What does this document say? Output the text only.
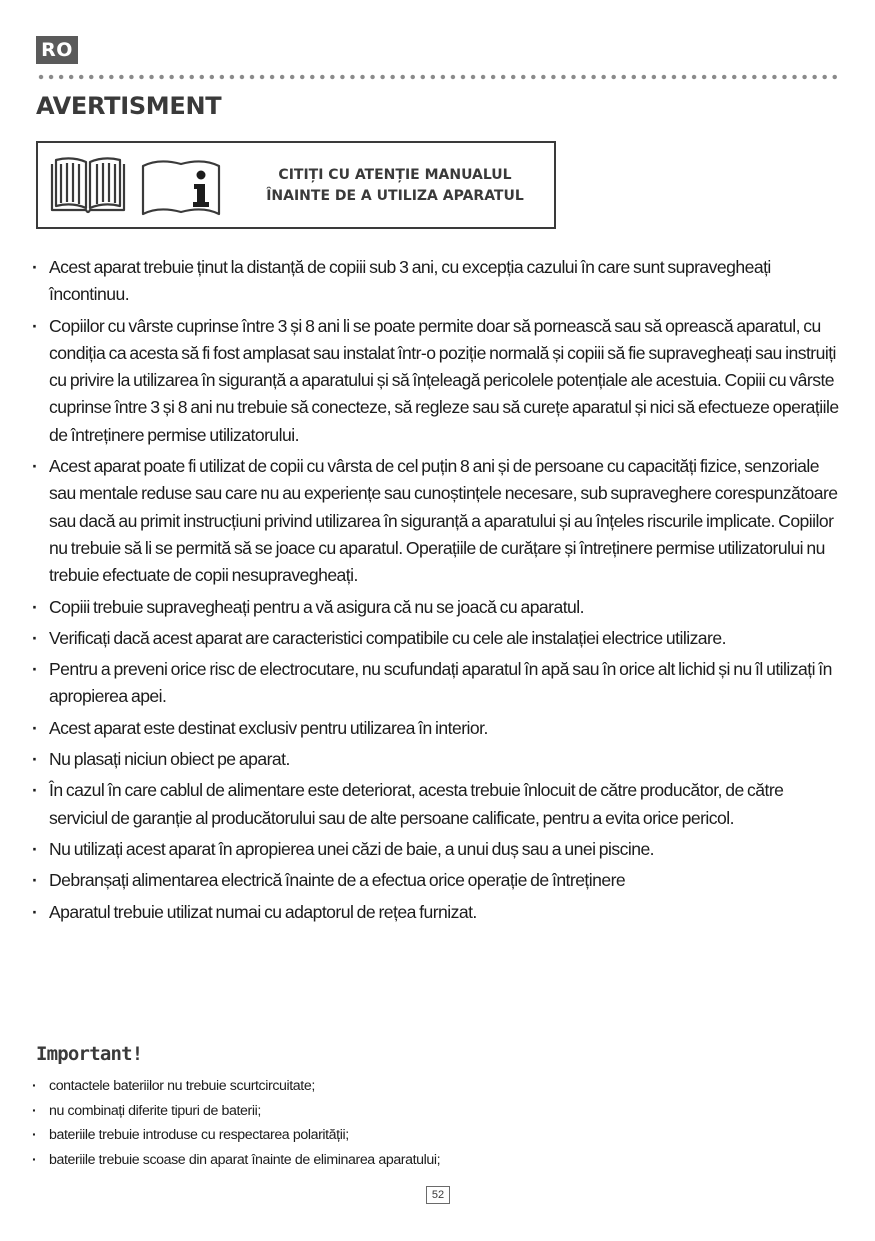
RO
AVERTISMENT
CITIȚI CU ATENȚIE MANUALUL
ÎNAINTE DE A UTILIZA APARATUL
· Acest aparat trebuie ținut la distanță de copiii sub 3 ani, cu excepția cazului în care sunt supravegheați încontinuu.
· Copiilor cu vârste cuprinse între 3 și 8 ani li se poate permite doar să pornească sau să oprească aparatul, cu condiția ca acesta să fi fost amplasat sau instalat într-o poziție normală și copiii să fie supravegheați sau instruiți cu privire la utilizarea în siguranță a aparatului și să înțeleagă pericolele potențiale ale acestuia. Copiii cu vârste cuprinse între 3 și 8 ani nu trebuie să conecteze, să regleze sau să curețe aparatul și nici să efectueze operațiile de întreținere permise utilizatorului.
· Acest aparat poate fi utilizat de copii cu vârsta de cel puțin 8 ani și de persoane cu capacități fizice, senzoriale sau mentale reduse sau care nu au experiențe sau cunoștințele necesare, sub supraveghere corespunzătoare sau dacă au primit instrucțiuni privind utilizarea în siguranță a aparatului și au înțeles riscurile implicate. Copiilor nu trebuie să li se permită să se joace cu aparatul. Operațiile de curățare și întreținere permise utilizatorului nu trebuie efectuate de copii nesupravegheați.
· Copiii trebuie supravegheați pentru a vă asigura că nu se joacă cu aparatul.
· Verificați dacă acest aparat are caracteristici compatibile cu cele ale instalației electrice utilizare.
· Pentru a preveni orice risc de electrocutare, nu scufundați aparatul în apă sau în orice alt lichid și nu îl utilizați în apropierea apei.
· Acest aparat este destinat exclusiv pentru utilizarea în interior.
· Nu plasați niciun obiect pe aparat.
· În cazul în care cablul de alimentare este deteriorat, acesta trebuie înlocuit de către producător, de către serviciul de garanție al producătorului sau de alte persoane calificate, pentru a evita orice pericol.
· Nu utilizați acest aparat în apropierea unei căzi de baie, a unui duș sau a unei piscine.
· Debranșați alimentarea electrică înainte de a efectua orice operație de întreținere
· Aparatul trebuie utilizat numai cu adaptorul de rețea furnizat.
Important!
· contactele bateriilor nu trebuie scurtcircuitate;
· nu combinați diferite tipuri de baterii;
· bateriile trebuie introduse cu respectarea polarității;
· bateriile trebuie scoase din aparat înainte de eliminarea aparatului;
52
